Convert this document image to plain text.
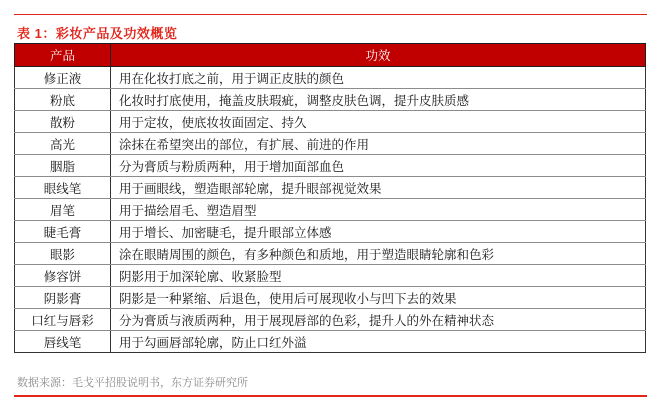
表 1：彩妆产品及功效概览
产品	功效
修正液	用在化妆打底之前，用于调正皮肤的颜色
粉底	化妆时打底使用，掩盖皮肤瑕疵，调整皮肤色调，提升皮肤质感
散粉	用于定妆，使底妆妆面固定、持久
高光	涂抹在希望突出的部位，有扩展、前进的作用
胭脂	分为膏质与粉质两种，用于增加面部血色
眼线笔	用于画眼线，塑造眼部轮廓，提升眼部视觉效果
眉笔	用于描绘眉毛、塑造眉型
睫毛膏	用于增长、加密睫毛，提升眼部立体感
眼影	涂在眼睛周围的颜色，有多种颜色和质地，用于塑造眼睛轮廓和色彩
修容饼	阴影用于加深轮廓、收紧脸型
阴影膏	阴影是一种紧缩、后退色，使用后可展现收小与凹下去的效果
口红与唇彩	分为膏质与液质两种，用于展现唇部的色彩，提升人的外在精神状态
唇线笔	用于勾画唇部轮廓，防止口红外溢
数据来源：毛戈平招股说明书，东方证券研究所
